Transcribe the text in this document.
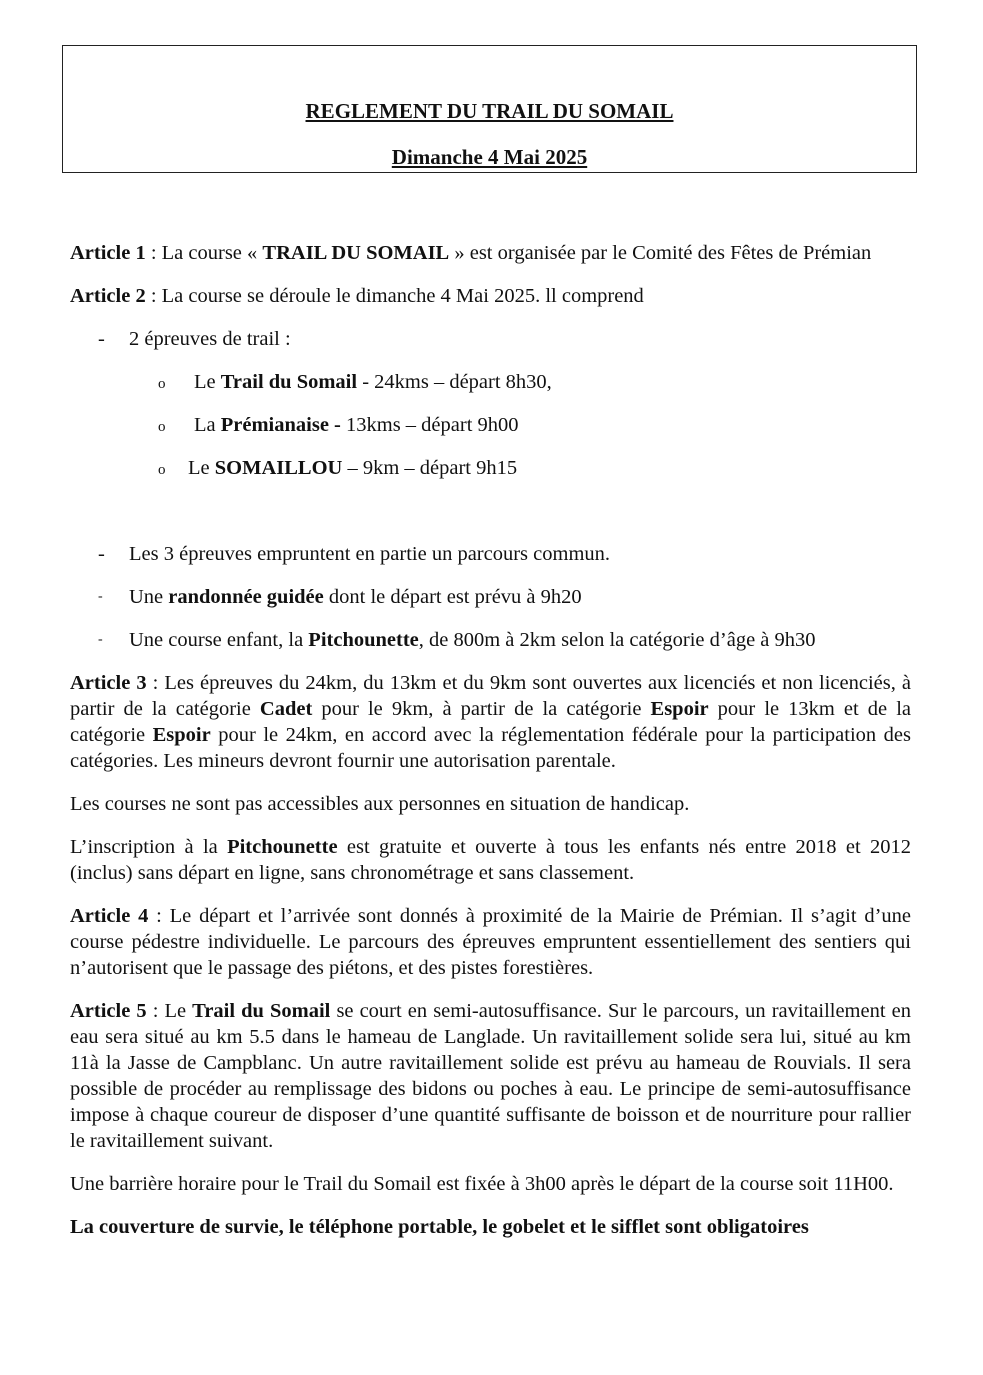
REGLEMENT DU TRAIL DU SOMAIL
Dimanche 4 Mai 2025

Article 1 : La course « TRAIL DU SOMAIL » est organisée par le Comité des Fêtes de Prémian

Article 2 : La course se déroule le dimanche 4 Mai 2025. ll comprend

- 2 épreuves de trail :
o Le Trail du Somail - 24kms – départ 8h30,
o La Prémianaise - 13kms – départ 9h00
o Le SOMAILLOU – 9km – départ 9h15
- Les 3 épreuves empruntent en partie un parcours commun.
- Une randonnée guidée dont le départ est prévu à 9h20
- Une course enfant, la Pitchounette, de 800m à 2km selon la catégorie d’âge à 9h30

Article 3 : Les épreuves du 24km, du 13km et du 9km sont ouvertes aux licenciés et non licenciés, à partir de la catégorie Cadet pour le 9km, à partir de la catégorie Espoir pour le 13km et de la catégorie Espoir pour le 24km, en accord avec la réglementation fédérale pour la participation des catégories. Les mineurs devront fournir une autorisation parentale.

Les courses ne sont pas accessibles aux personnes en situation de handicap.

L’inscription à la Pitchounette est gratuite et ouverte à tous les enfants nés entre 2018 et 2012 (inclus) sans départ en ligne, sans chronométrage et sans classement.

Article 4 : Le départ et l’arrivée sont donnés à proximité de la Mairie de Prémian. Il s’agit d’une course pédestre individuelle. Le parcours des épreuves empruntent essentiellement des sentiers qui n’autorisent que le passage des piétons, et des pistes forestières.

Article 5 : Le Trail du Somail se court en semi-autosuffisance. Sur le parcours, un ravitaillement en eau sera situé au km 5.5 dans le hameau de Langlade. Un ravitaillement solide sera lui, situé au km 11à la Jasse de Campblanc. Un autre ravitaillement solide est prévu au hameau de Rouvials. Il sera possible de procéder au remplissage des bidons ou poches à eau. Le principe de semi-autosuffisance impose à chaque coureur de disposer d’une quantité suffisante de boisson et de nourriture pour rallier le ravitaillement suivant.

Une barrière horaire pour le Trail du Somail est fixée à 3h00 après le départ de la course soit 11H00.

La couverture de survie, le téléphone portable, le gobelet et le sifflet sont obligatoires
